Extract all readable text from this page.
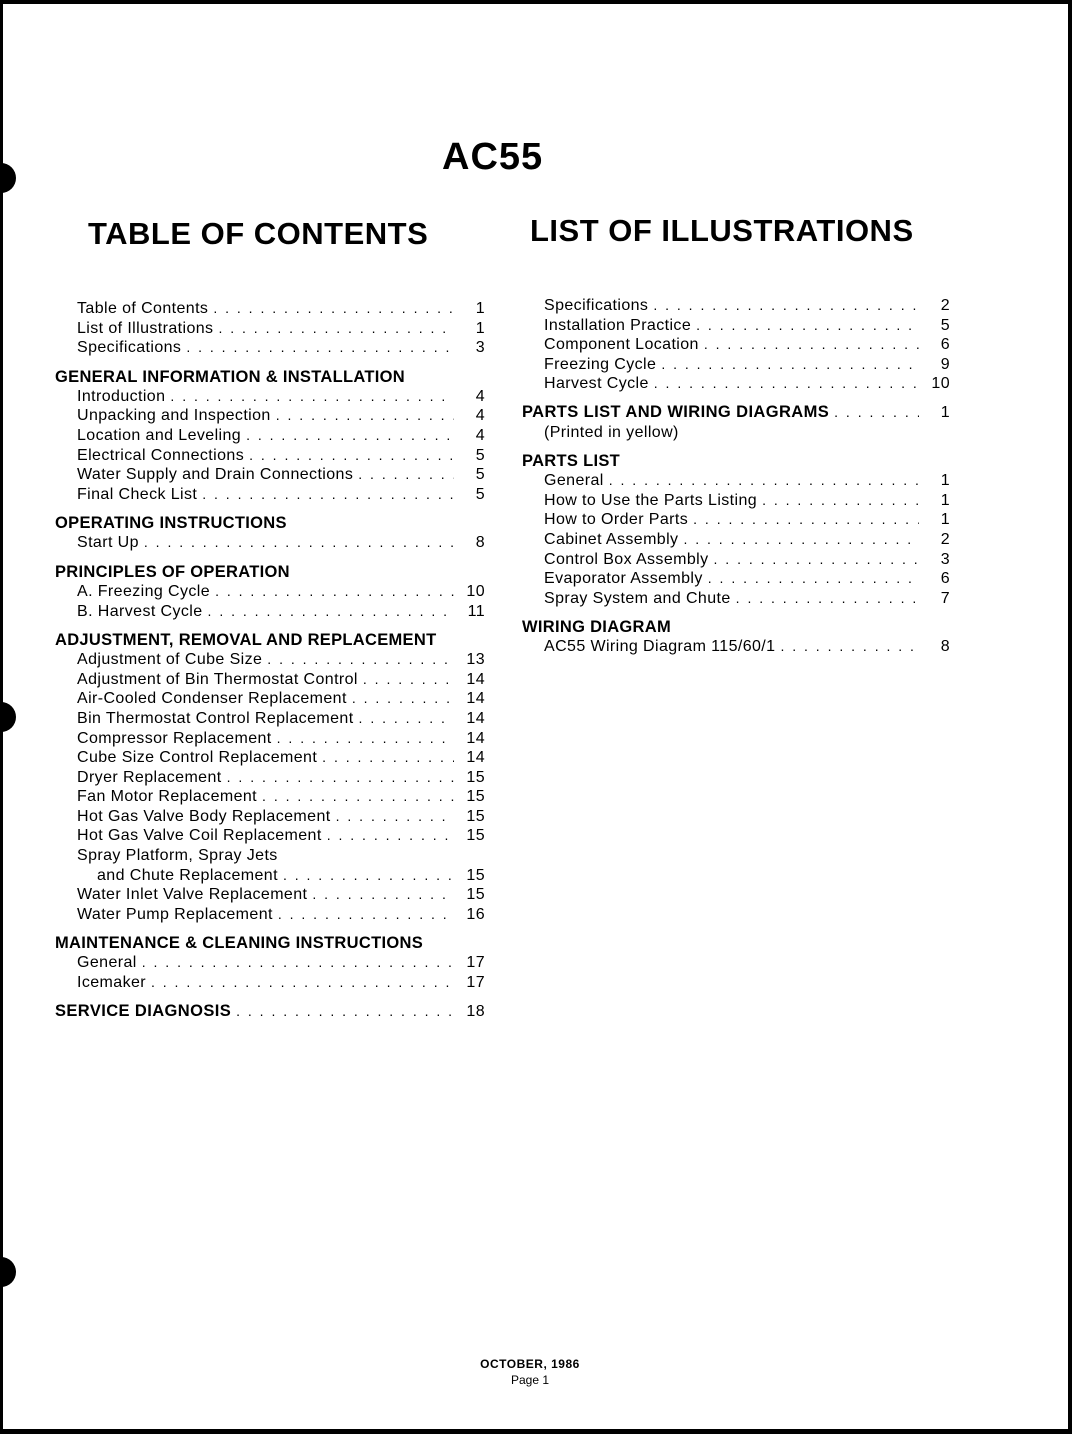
AC55
TABLE OF CONTENTS	LIST OF ILLUSTRATIONS
Table of Contents . . .	1
List of Illustrations . . .	1
Specifications . . .	3
GENERAL INFORMATION & INSTALLATION
Introduction . . .	4
Unpacking and Inspection . . .	4
Location and Leveling . . .	4
Electrical Connections . . .	5
Water Supply and Drain Connections . . .	5
Final Check List . . .	5
OPERATING INSTRUCTIONS
Start Up . . .	8
PRINCIPLES OF OPERATION
A. Freezing Cycle . . .	10
B. Harvest Cycle . . .	11
ADJUSTMENT, REMOVAL AND REPLACEMENT
Adjustment of Cube Size . . .	13
Adjustment of Bin Thermostat Control . . .	14
Air-Cooled Condenser Replacement . . .	14
Bin Thermostat Control Replacement . . .	14
Compressor Replacement . . .	14
Cube Size Control Replacement . . .	14
Dryer Replacement . . .	15
Fan Motor Replacement . . .	15
Hot Gas Valve Body Replacement . . .	15
Hot Gas Valve Coil Replacement . . .	15
Spray Platform, Spray Jets
and Chute Replacement . . .	15
Water Inlet Valve Replacement . . .	15
Water Pump Replacement . . .	16
MAINTENANCE & CLEANING INSTRUCTIONS
General . . .	17
Icemaker . . .	17
SERVICE DIAGNOSIS . . .	18
Specifications . . .	2
Installation Practice . . .	5
Component Location . . .	6
Freezing Cycle . . .	9
Harvest Cycle . . .	10
PARTS LIST AND WIRING DIAGRAMS . . .	1
(Printed in yellow)
PARTS LIST
General . . .	1
How to Use the Parts Listing . . .	1
How to Order Parts . . .	1
Cabinet Assembly . . .	2
Control Box Assembly . . .	3
Evaporator Assembly . . .	6
Spray System and Chute . . .	7
WIRING DIAGRAM
AC55 Wiring Diagram 115/60/1 . . .	8
OCTOBER, 1986
Page 1
